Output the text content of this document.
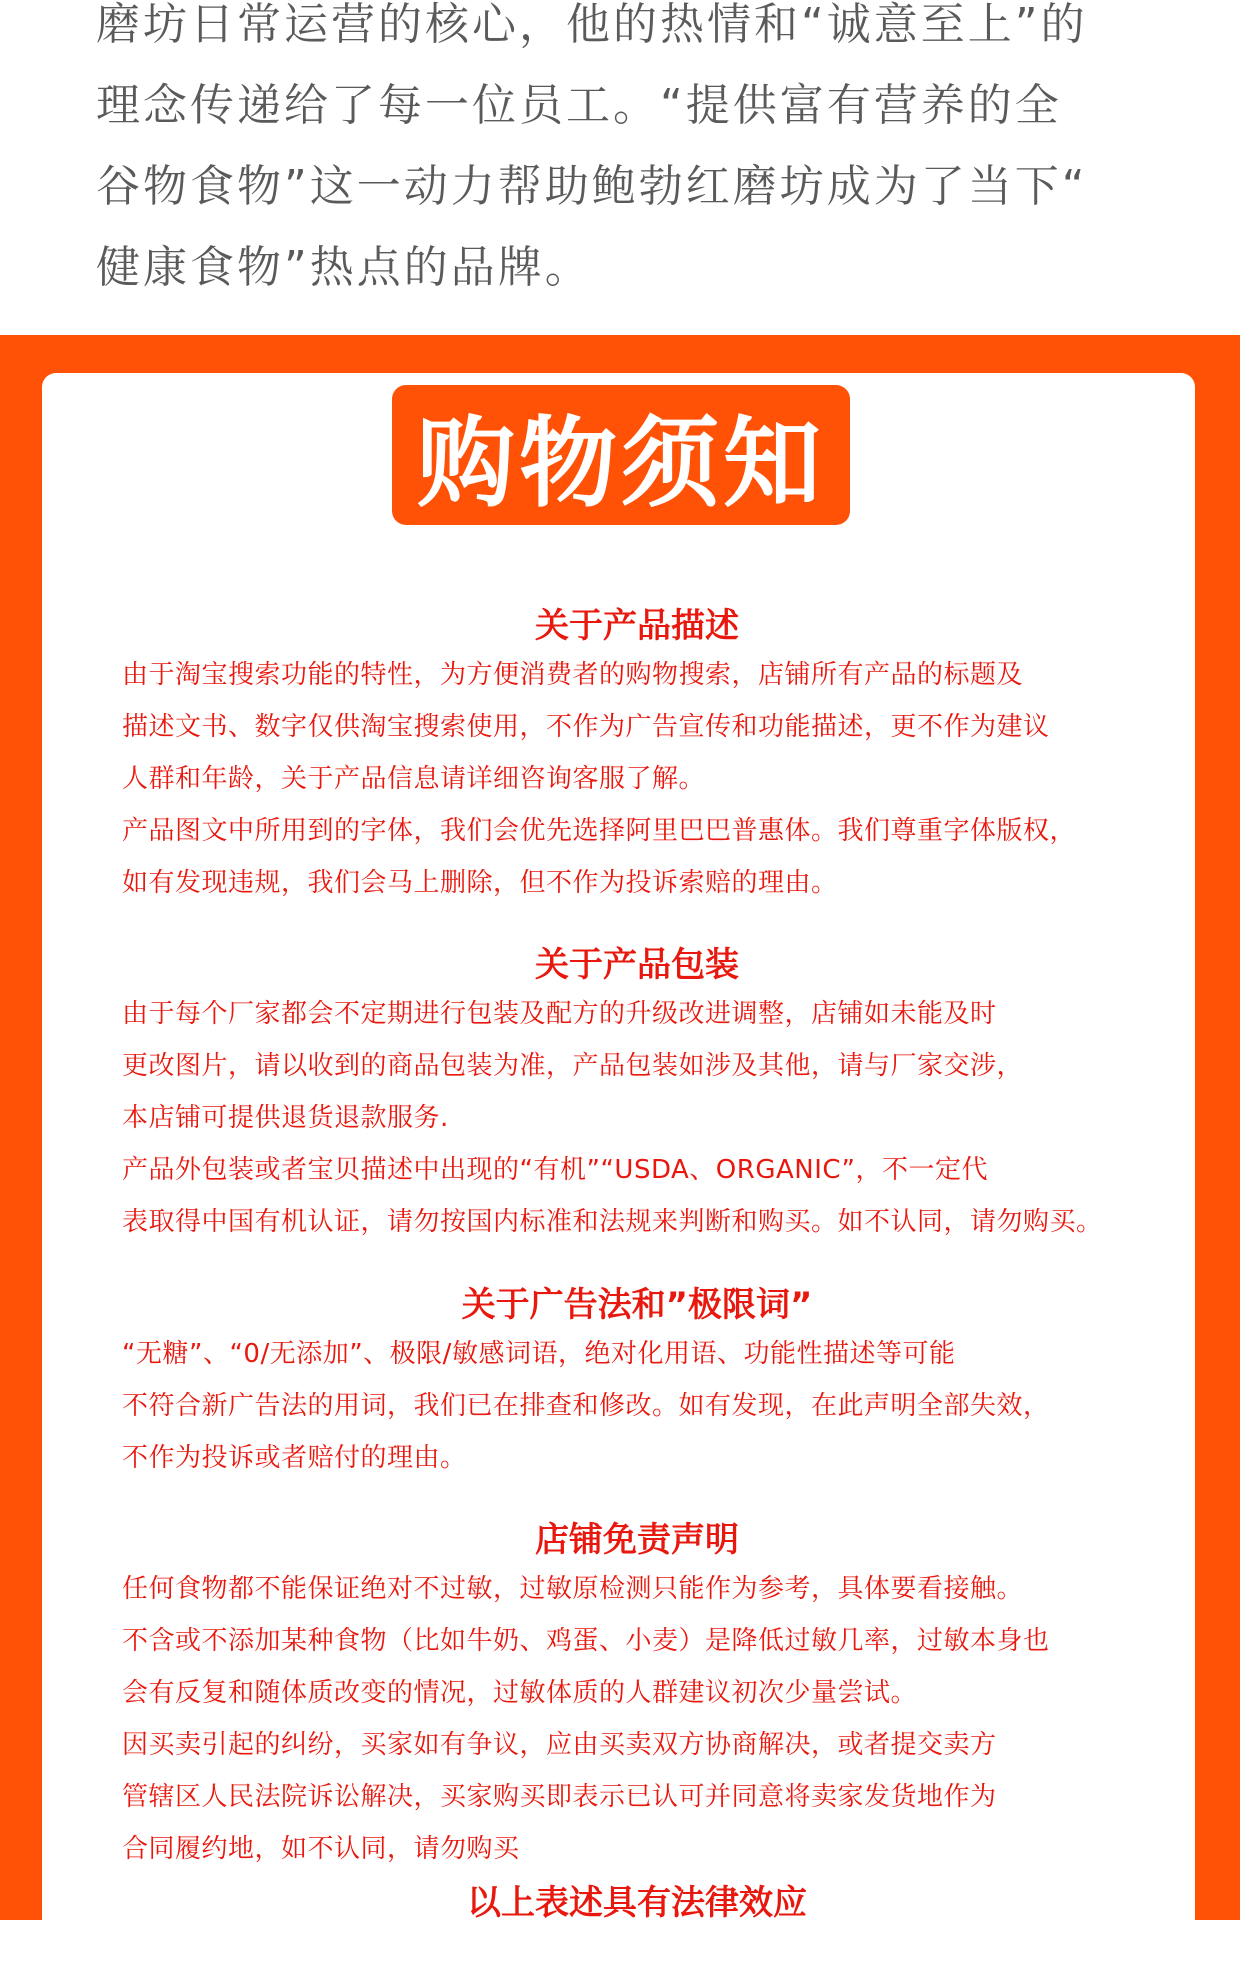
磨坊日常运营的核心，他的热情和“诚意至上”的
理念传递给了每一位员工。“提供富有营养的全
谷物食物”这一动力帮助鲍勃红磨坊成为了当下“
健康食物”热点的品牌。
购物须知
关于产品描述
由于淘宝搜索功能的特性，为方便消费者的购物搜索，店铺所有产品的标题及
描述文书、数字仅供淘宝搜索使用，不作为广告宣传和功能描述，更不作为建议
人群和年龄，关于产品信息请详细咨询客服了解。
产品图文中所用到的字体，我们会优先选择阿里巴巴普惠体。我们尊重字体版权，
如有发现违规，我们会马上删除，但不作为投诉索赔的理由。
关于产品包装
由于每个厂家都会不定期进行包装及配方的升级改进调整，店铺如未能及时
更改图片，请以收到的商品包装为准，产品包装如涉及其他，请与厂家交涉，
本店铺可提供退货退款服务.
产品外包装或者宝贝描述中出现的“有机”“USDA、ORGANIC”，不一定代
表取得中国有机认证，请勿按国内标准和法规来判断和购买。如不认同，请勿购买。
关于广告法和”极限词”
“无糖”、“0/无添加”、极限/敏感词语，绝对化用语、功能性描述等可能
不符合新广告法的用词，我们已在排查和修改。如有发现，在此声明全部失效，
不作为投诉或者赔付的理由。
店铺免责声明
任何食物都不能保证绝对不过敏，过敏原检测只能作为参考，具体要看接触。
不含或不添加某种食物（比如牛奶、鸡蛋、小麦）是降低过敏几率，过敏本身也
会有反复和随体质改变的情况，过敏体质的人群建议初次少量尝试。
因买卖引起的纠纷，买家如有争议，应由买卖双方协商解决，或者提交卖方
管辖区人民法院诉讼解决，买家购买即表示已认可并同意将卖家发货地作为
合同履约地，如不认同，请勿购买
以上表述具有法律效应
